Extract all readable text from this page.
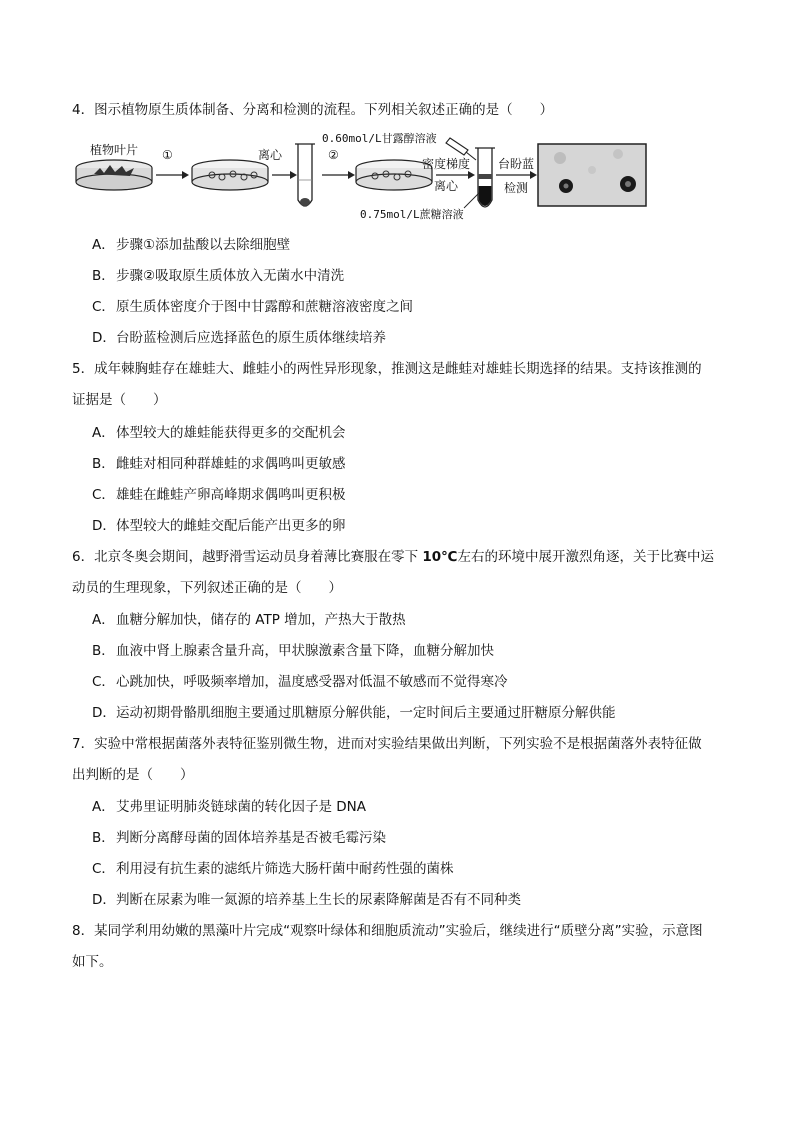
4．图示植物原生质体制备、分离和检测的流程。下列相关叙述正确的是（　　）
植物叶片 ①	离心	②
0.60mol/L甘露醇溶液
密度梯度
离心
0.75mol/L蔗糖溶液
台盼蓝
检测
A．步骤①添加盐酸以去除细胞壁
B．步骤②吸取原生质体放入无菌水中清洗
C．原生质体密度介于图中甘露醇和蔗糖溶液密度之间
D．台盼蓝检测后应选择蓝色的原生质体继续培养
5．成年棘胸蛙存在雄蛙大、雌蛙小的两性异形现象，推测这是雌蛙对雄蛙长期选择的结果。支持该推测的
证据是（　　）
A．体型较大的雄蛙能获得更多的交配机会
B．雌蛙对相同种群雄蛙的求偶鸣叫更敏感
C．雄蛙在雌蛙产卵高峰期求偶鸣叫更积极
D．体型较大的雌蛙交配后能产出更多的卵
6．北京冬奥会期间，越野滑雪运动员身着薄比赛服在零下 10℃左右的环境中展开激烈角逐，关于比赛中运
动员的生理现象，下列叙述正确的是（　　）
A．血糖分解加快，储存的 ATP 增加，产热大于散热
B．血液中肾上腺素含量升高，甲状腺激素含量下降，血糖分解加快
C．心跳加快，呼吸频率增加，温度感受器对低温不敏感而不觉得寒冷
D．运动初期骨骼肌细胞主要通过肌糖原分解供能，一定时间后主要通过肝糖原分解供能
7．实验中常根据菌落外表特征鉴别微生物，进而对实验结果做出判断，下列实验不是根据菌落外表特征做
出判断的是（　　）
A．艾弗里证明肺炎链球菌的转化因子是 DNA
B．判断分离酵母菌的固体培养基是否被毛霉污染
C．利用浸有抗生素的滤纸片筛选大肠杆菌中耐药性强的菌株
D．判断在尿素为唯一氮源的培养基上生长的尿素降解菌是否有不同种类
8．某同学利用幼嫩的黑藻叶片完成“观察叶绿体和细胞质流动”实验后，继续进行“质壁分离”实验，示意图
如下。
